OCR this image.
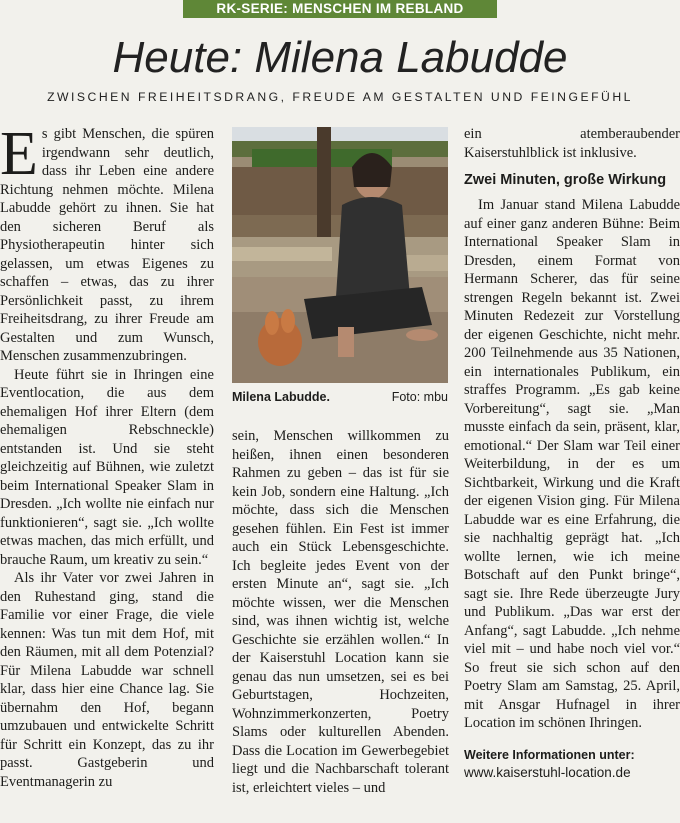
RK-SERIE: MENSCHEN IM REBLAND
Heute: Milena Labudde
ZWISCHEN FREIHEITSDRANG, FREUDE AM GESTALTEN UND FEINGEFÜHL

Es gibt Menschen, die spüren irgendwann sehr deutlich, dass ihr Leben eine andere Richtung nehmen möchte. Milena Labudde gehört zu ihnen. Sie hat den sicheren Beruf als Physiotherapeutin hinter sich gelassen, um etwas Eigenes zu schaffen – etwas, das zu ihrer Persönlichkeit passt, zu ihrem Freiheitsdrang, zu ihrer Freude am Gestalten und zum Wunsch, Menschen zusammenzubringen.

Heute führt sie in Ihringen eine Eventlocation, die aus dem ehemaligen Hof ihrer Eltern (dem ehemaligen Rebschneckle) entstanden ist. Und sie steht gleichzeitig auf Bühnen, wie zuletzt beim International Speaker Slam in Dresden. „Ich wollte nie einfach nur funktionieren“, sagt sie. „Ich wollte etwas machen, das mich erfüllt, und brauche Raum, um kreativ zu sein.“

Als ihr Vater vor zwei Jahren in den Ruhestand ging, stand die Familie vor einer Frage, die viele kennen: Was tun mit dem Hof, mit den Räumen, mit all dem Potenzial? Für Milena Labudde war schnell klar, dass hier eine Chance lag. Sie übernahm den Hof, begann umzubauen und entwickelte Schritt für Schritt ein Konzept, das zu ihr passt. Gastgeberin und Eventmanagerin zu

Milena Labudde.	Foto: mbu

sein, Menschen willkommen zu heißen, ihnen einen besonderen Rahmen zu geben – das ist für sie kein Job, sondern eine Haltung. „Ich möchte, dass sich die Menschen gesehen fühlen. Ein Fest ist immer auch ein Stück Lebensgeschichte. Ich begleite jedes Event von der ersten Minute an“, sagt sie. „Ich möchte wissen, wer die Menschen sind, was ihnen wichtig ist, welche Geschichte sie erzählen wollen.“ In der Kaiserstuhl Location kann sie genau das nun umsetzen, sei es bei Geburtstagen, Hochzeiten, Wohnzimmerkonzerten, Poetry Slams oder kulturellen Abenden. Dass die Location im Gewerbegebiet liegt und die Nachbarschaft tolerant ist, erleichtert vieles – und

ein atemberaubender Kaiserstuhlblick ist inklusive.

Zwei Minuten, große Wirkung

Im Januar stand Milena Labudde auf einer ganz anderen Bühne: Beim International Speaker Slam in Dresden, einem Format von Hermann Scherer, das für seine strengen Regeln bekannt ist. Zwei Minuten Redezeit zur Vorstellung der eigenen Geschichte, nicht mehr. 200 Teilnehmende aus 35 Nationen, ein internationales Publikum, ein straffes Programm. „Es gab keine Vorbereitung“, sagt sie. „Man musste einfach da sein, präsent, klar, emotional.“ Der Slam war Teil einer Weiterbildung, in der es um Sichtbarkeit, Wirkung und die Kraft der eigenen Vision ging. Für Milena Labudde war es eine Erfahrung, die sie nachhaltig geprägt hat. „Ich wollte lernen, wie ich meine Botschaft auf den Punkt bringe“, sagt sie. Ihre Rede überzeugte Jury und Publikum. „Das war erst der Anfang“, sagt Labudde. „Ich nehme viel mit – und habe noch viel vor.“ So freut sie sich schon auf den Poetry Slam am Samstag, 25. April, mit Ansgar Hufnagel in ihrer Location im schönen Ihringen.

Weitere Informationen unter:
www.kaiserstuhl-location.de
